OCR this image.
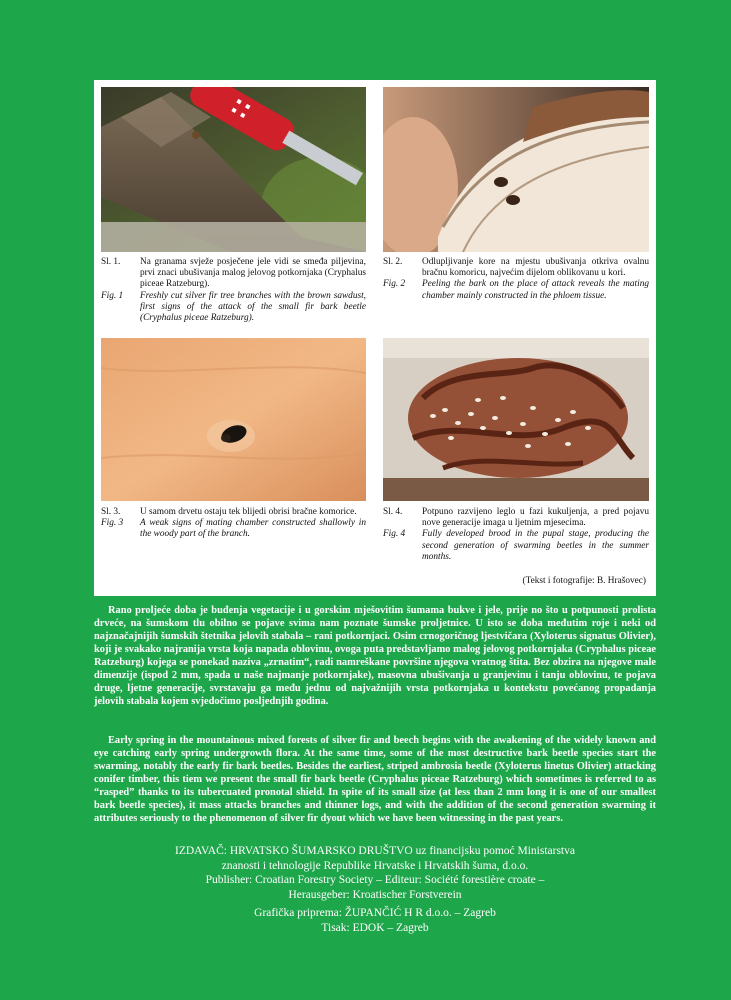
Sl. 1.	Na granama svježe posječene jele vidi se smeđa piljevina, prvi znaci ubušivanja malog jelovog potkornjaka (Cryphalus piceae Ratzeburg).
Fig. 1	Freshly cut silver fir tree branches with the brown sawdust, first signs of the attack of the small fir bark beetle (Cryphalus piceae Ratzeburg).
Sl. 2.	Odlupljivanje kore na mjestu ubušivanja otkriva ovalnu bračnu komoricu, najvećim dijelom oblikovanu u kori.
Fig. 2	Peeling the bark on the place of attack reveals the mating chamber mainly constructed in the phloem tissue.
Sl. 3.	U samom drvetu ostaju tek blijedi obrisi bračne komorice.
Fig. 3	A weak signs of mating chamber constructed shallowly in the woody part of the branch.
Sl. 4.	Potpuno razvijeno leglo u fazi kukuljenja, a pred pojavu nove generacije imaga u ljetnim mjesecima.
Fig. 4	Fully developed brood in the pupal stage, producing the second generation of swarming beetles in the summer months.
(Tekst i fotografije: B. Hrašovec)

Rano proljeće doba je buđenja vegetacije i u gorskim mješovitim šumama bukve i jele, prije no što u potpunosti prolista drveće, na šumskom tlu obilno se pojave svima nam poznate šumske proljetnice. U isto se doba međutim roje i neki od najznačajnijih šumskih štetnika jelovih stabala – rani potkornjaci. Osim crnogoričnog ljestvičara (Xyloterus signatus Olivier), koji je svakako najranija vrsta koja napada oblovinu, ovoga puta predstavljamo malog jelovog potkornjaka (Cryphalus piceae Ratzeburg) kojega se ponekad naziva „zrnatim“, radi namreškane površine njegova vratnog štita. Bez obzira na njegove male dimenzije (ispod 2 mm, spada u naše najmanje potkornjake), masovna ubušivanja u granjevinu i tanju oblovinu, te pojava druge, ljetne generacije, svrstavaju ga među jednu od najvažnijih vrsta potkornjaka u kontekstu povećanog propadanja jelovih stabala kojem svjedočimo posljednjih godina.

Early spring in the mountainous mixed forests of silver fir and beech begins with the awakening of the widely known and eye catching early spring undergrowth flora. At the same time, some of the most destructive bark beetle species start the swarming, notably the early fir bark beetles. Besides the earliest, striped ambrosia beetle (Xyloterus linetus Olivier) attacking conifer timber, this tiem we present the small fir bark beetle (Cryphalus piceae Ratzeburg) which sometimes is referred to as “rasped” thanks to its tubercuated pronotal shield. In spite of its small size (at less than 2 mm long it is one of our smallest bark beetle species), it mass attacks branches and thinner logs, and with the addition of the second generation swarming it attributes seriously to the phenomenon of silver fir dyout which we have been witnessing in the past years.

IZDAVAČ: HRVATSKO ŠUMARSKO DRUŠTVO uz financijsku pomoć Ministarstva
znanosti i tehnologije Republike Hrvatske i Hrvatskih šuma, d.o.o.
Publisher: Croatian Forestry Society – Editeur: Société forestière croate –
Herausgeber: Kroatischer Forstverein
Grafička priprema: ŽUPANČIĆ H R d.o.o. – Zagreb
Tisak: EDOK – Zagreb
